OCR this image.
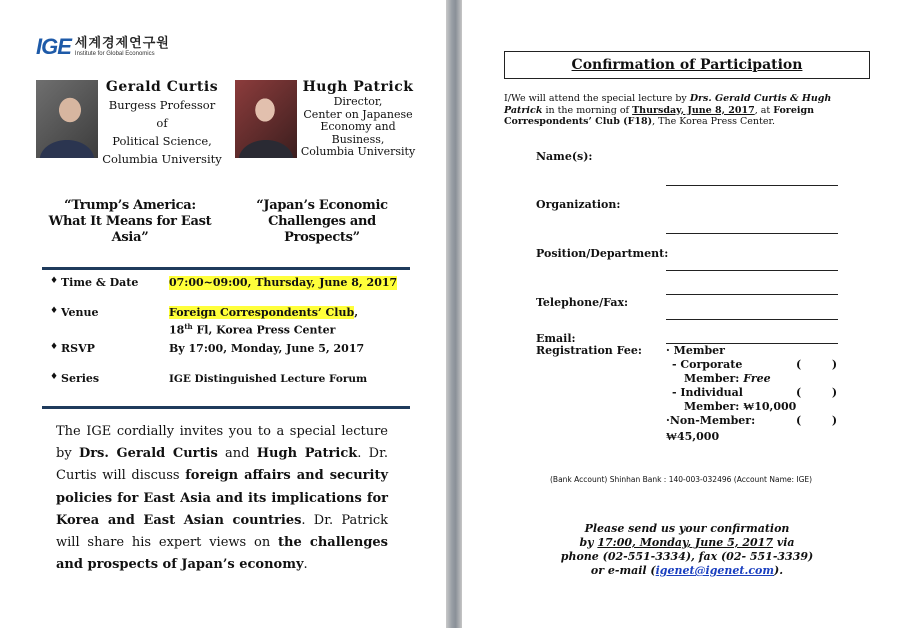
IGE 세계경제연구원
Institute for Global Economics
Gerald Curtis
Burgess Professor of
Political Science,
Columbia University
Hugh Patrick
Director,
Center on Japanese
Economy and
Business,
Columbia University
“Trump’s America:
What It Means for East Asia”
“Japan’s Economic
Challenges and Prospects”
♦ Time & Date	07:00~09:00, Thursday, June 8, 2017
♦ Venue	Foreign Correspondents’ Club,
18th Fl, Korea Press Center
♦ RSVP	By 17:00, Monday, June 5, 2017
♦ Series	IGE Distinguished Lecture Forum
The IGE cordially invites you to a special lecture by Drs. Gerald Curtis and Hugh Patrick. Dr. Curtis will discuss foreign affairs and security policies for East Asia and its implications for Korea and East Asian countries. Dr. Patrick will share his expert views on the challenges and prospects of Japan’s economy.
Confirmation of Participation
I/We will attend the special lecture by Drs. Gerald Curtis & Hugh Patrick in the morning of Thursday, June 8, 2017, at Foreign Correspondents’ Club (F18), The Korea Press Center.
Name(s):
Organization:
Position/Department:
Telephone/Fax:
Email:
Registration Fee: · Member
- Corporate	(        )
Member: Free
- Individual	(        )
Member: ₩10,000
·Non-Member:	(        )
₩45,000
(Bank Account) Shinhan Bank : 140-003-032496 (Account Name: IGE)
Please send us your confirmation
by 17:00, Monday, June 5, 2017 via
phone (02-551-3334), fax (02- 551-3339)
or e-mail (igenet@igenet.com).
